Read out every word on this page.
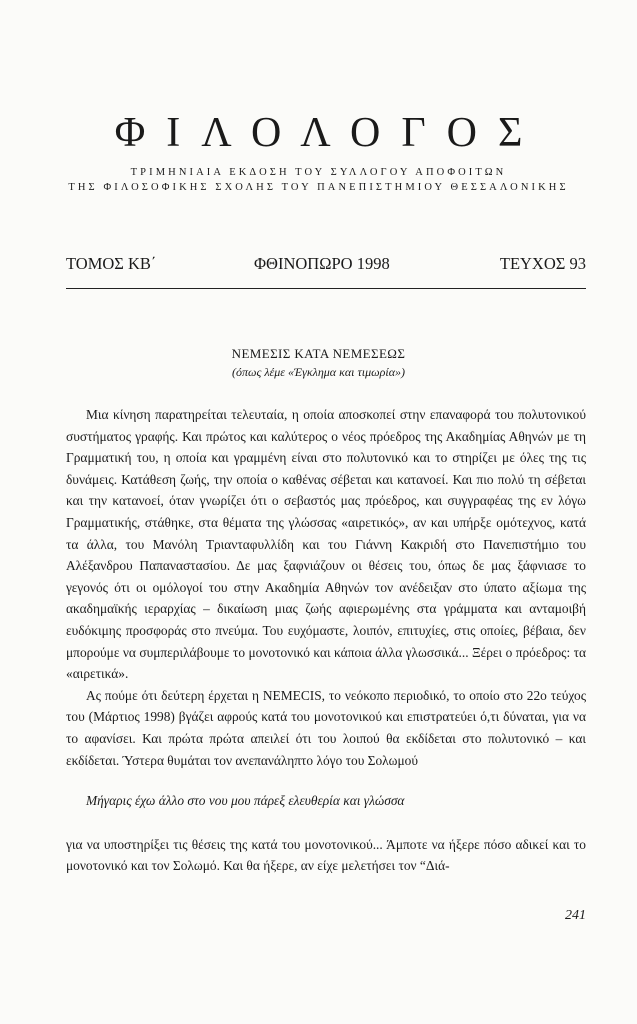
ΦΙΛΟΛΟΓΟΣ
ΤΡΙΜΗΝΙΑΙΑ ΕΚΔΟΣΗ ΤΟΥ ΣΥΛΛΟΓΟΥ ΑΠΟΦΟΙΤΩΝ
ΤΗΣ ΦΙΛΟΣΟΦΙΚΗΣ ΣΧΟΛΗΣ ΤΟΥ ΠΑΝΕΠΙΣΤΗΜΙΟΥ ΘΕΣΣΑΛΟΝΙΚΗΣ
ΤΟΜΟΣ ΚΒ΄	ΦΘΙΝΟΠΩΡΟ 1998	ΤΕΥΧΟΣ 93
ΝΕΜΕΣΙΣ ΚΑΤΑ ΝΕΜΕΣΕΩΣ
(όπως λέμε «Έγκλημα και τιμωρία»)

Μια κίνηση παρατηρείται τελευταία, η οποία αποσκοπεί στην επαναφορά του πολυτονικού συστήματος γραφής. Και πρώτος και καλύτερος ο νέος πρόεδρος της Ακαδημίας Αθηνών με τη Γραμματική του, η οποία και γραμμένη είναι στο πολυτονικό και το στηρίζει με όλες της τις δυνάμεις. Κατάθεση ζωής, την οποία ο καθένας σέβεται και κατανοεί. Και πιο πολύ τη σέβεται και την κατανοεί, όταν γνωρίζει ότι ο σεβαστός μας πρόεδρος, και συγγραφέας της εν λόγω Γραμματικής, στάθηκε, στα θέματα της γλώσσας «αιρετικός», αν και υπήρξε ομότεχνος, κατά τα άλλα, του Μανόλη Τριανταφυλλίδη και του Γιάννη Κακριδή στο Πανεπιστήμιο του Αλέξανδρου Παπαναστασίου. Δε μας ξαφνιάζουν οι θέσεις του, όπως δε μας ξάφνιασε το γεγονός ότι οι ομόλογοί του στην Ακαδημία Αθηνών τον ανέδειξαν στο ύπατο αξίωμα της ακαδημαϊκής ιεραρχίας – δικαίωση μιας ζωής αφιερωμένης στα γράμματα και ανταμοιβή ευδόκιμης προσφοράς στο πνεύμα. Του ευχόμαστε, λοιπόν, επιτυχίες, στις οποίες, βέβαια, δεν μπορούμε να συμπεριλάβουμε το μονοτονικό και κάποια άλλα γλωσσικά... Ξέρει ο πρόεδρος: τα «αιρετικά».

Ας πούμε ότι δεύτερη έρχεται η NEMECIS, το νεόκοπο περιοδικό, το οποίο στο 22ο τεύχος του (Μάρτιος 1998) βγάζει αφρούς κατά του μονοτονικού και επιστρατεύει ό,τι δύναται, για να το αφανίσει. Και πρώτα πρώτα απειλεί ότι του λοιπού θα εκδίδεται στο πολυτονικό – και εκδίδεται. Ύστερα θυμάται τον ανεπανάληπτο λόγο του Σολωμού

Μήγαρις έχω άλλο στο νου μου πάρεξ ελευθερία και γλώσσα

για να υποστηρίξει τις θέσεις της κατά του μονοτονικού... Άμποτε να ήξερε πόσο αδικεί και το μονοτονικό και τον Σολωμό. Και θα ήξερε, αν είχε μελετήσει τον “Διά-

241
